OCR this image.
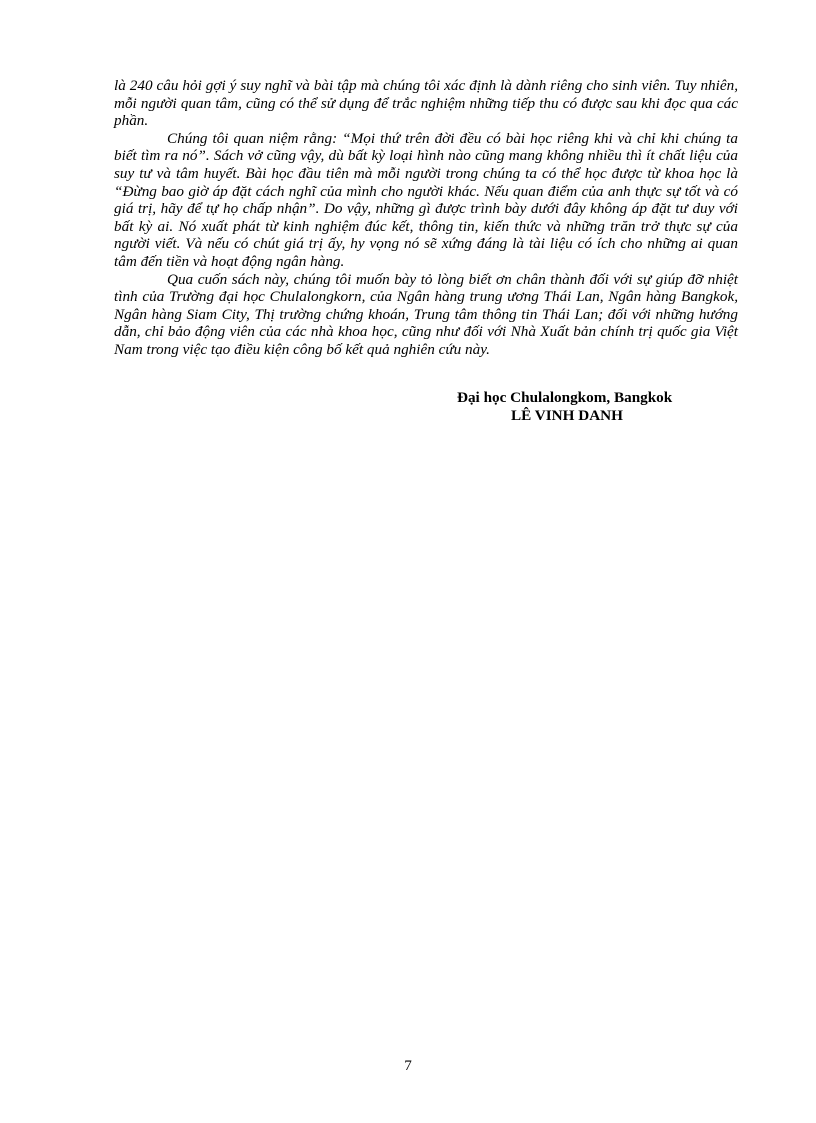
là 240 câu hỏi gợi ý suy nghĩ và bài tập mà chúng tôi xác định là dành riêng cho sinh viên. Tuy nhiên, mỗi người quan tâm, cũng có thể sử dụng để trắc nghiệm những tiếp thu có được sau khi đọc qua các phần.

Chúng tôi quan niệm rằng: “Mọi thứ trên đời đều có bài học riêng khi và chỉ khi chúng ta biết tìm ra nó”. Sách vở cũng vậy, dù bất kỳ loại hình nào cũng mang không nhiều thì ít chất liệu của suy tư và tâm huyết. Bài học đầu tiên mà mỗi người trong chúng ta có thể học được từ khoa học là “Đừng bao giờ áp đặt cách nghĩ của mình cho người khác. Nếu quan điểm của anh thực sự tốt và có giá trị, hãy để tự họ chấp nhận”. Do vậy, những gì được trình bày dưới đây không áp đặt tư duy với bất kỳ ai. Nó xuất phát từ kinh nghiệm đúc kết, thông tin, kiến thức và những trăn trở thực sự của người viết. Và nếu có chút giá trị ấy, hy vọng nó sẽ xứng đáng là tài liệu có ích cho những ai quan tâm đến tiền và hoạt động ngân hàng.

Qua cuốn sách này, chúng tôi muốn bày tỏ lòng biết ơn chân thành đối với sự giúp đỡ nhiệt tình của Trường đại học Chulalongkorn, của Ngân hàng trung ương Thái Lan, Ngân hàng Bangkok, Ngân hàng Siam City, Thị trường chứng khoán, Trung tâm thông tin Thái Lan; đối với những hướng dẫn, chỉ bảo động viên của các nhà khoa học, cũng như đối với Nhà Xuất bản chính trị quốc gia Việt Nam trong việc tạo điều kiện công bố kết quả nghiên cứu này.

Đại học Chulalongkom, Bangkok
LÊ VINH DANH
7
